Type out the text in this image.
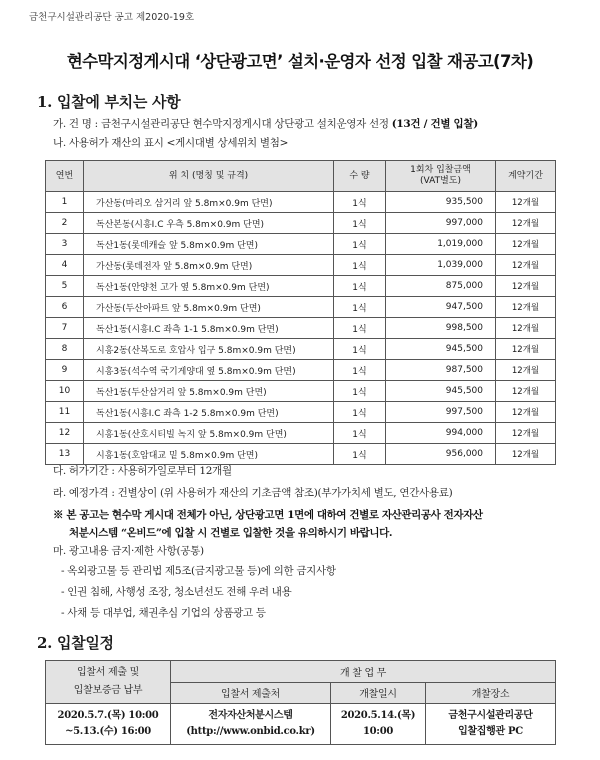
금천구시설관리공단 공고 제2020-19호
현수막지정게시대 ‘상단광고면’ 설치·운영자 선정 입찰 재공고(7차)
1. 입찰에 부치는 사항
가. 건 명 : 금천구시설관리공단 현수막지정게시대 상단광고 설치운영자 선정 (13건 / 건별 입찰)
나. 사용허가 재산의 표시 <게시대별 상세위치 별첨>
연번	위 치 (명칭 및 규격)	수 량	1회차 입찰금액
(VAT별도)	계약기간
1	가산동(마리오 삼거리 앞 5.8m×0.9m 단면)	1식	935,500	12개월
2	독산본동(시흥I.C 우측 5.8m×0.9m 단면)	1식	997,000	12개월
3	독산1동(롯데캐슬 앞 5.8m×0.9m 단면)	1식	1,019,000	12개월
4	가산동(롯데전자 앞 5.8m×0.9m 단면)	1식	1,039,000	12개월
5	독산1동(안양천 고가 옆 5.8m×0.9m 단면)	1식	875,000	12개월
6	가산동(두산아파트 앞 5.8m×0.9m 단면)	1식	947,500	12개월
7	독산1동(시흥I.C 좌측 1-1 5.8m×0.9m 단면)	1식	998,500	12개월
8	시흥2동(산복도로 호압사 입구 5.8m×0.9m 단면)	1식	945,500	12개월
9	시흥3동(석수역 국기게양대 옆 5.8m×0.9m 단면)	1식	987,500	12개월
10	독산1동(두산삼거리 앞 5.8m×0.9m 단면)	1식	945,500	12개월
11	독산1동(시흥I.C 좌측 1-2 5.8m×0.9m 단면)	1식	997,500	12개월
12	시흥1동(산호시티빌 녹지 앞 5.8m×0.9m 단면)	1식	994,000	12개월
13	시흥1동(호암대교 밑 5.8m×0.9m 단면)	1식	956,000	12개월
다. 허가기간 : 사용허가일로부터 12개월
라. 예정가격 : 건별상이 (위 사용허가 재산의 기초금액 참조)(부가가치세 별도, 연간사용료)
※ 본 공고는 현수막 게시대 전체가 아닌, 상단광고면 1면에 대하여 건별로 자산관리공사 전자자산
처분시스템 “온비드”에 입찰 시 건별로 입찰한 것을 유의하시기 바랍니다.
마. 광고내용 금지·제한 사항(공통)
- 옥외광고물 등 관리법 제5조(금지광고물 등)에 의한 금지사항
- 인권 침해, 사행성 조장, 청소년선도 전해 우려 내용
- 사채 등 대부업, 채권추심 기업의 상품광고 등
2. 입찰일정
입찰서 제출 및
입찰보증금 납부	개 찰 업 무		
	입찰서 제출처	개찰일시	개찰장소
2020.5.7.(목) 10:00
~5.13.(수) 16:00	전자자산처분시스템
(http://www.onbid.co.kr)	2020.5.14.(목)
10:00	금천구시설관리공단
입찰집행관 PC
